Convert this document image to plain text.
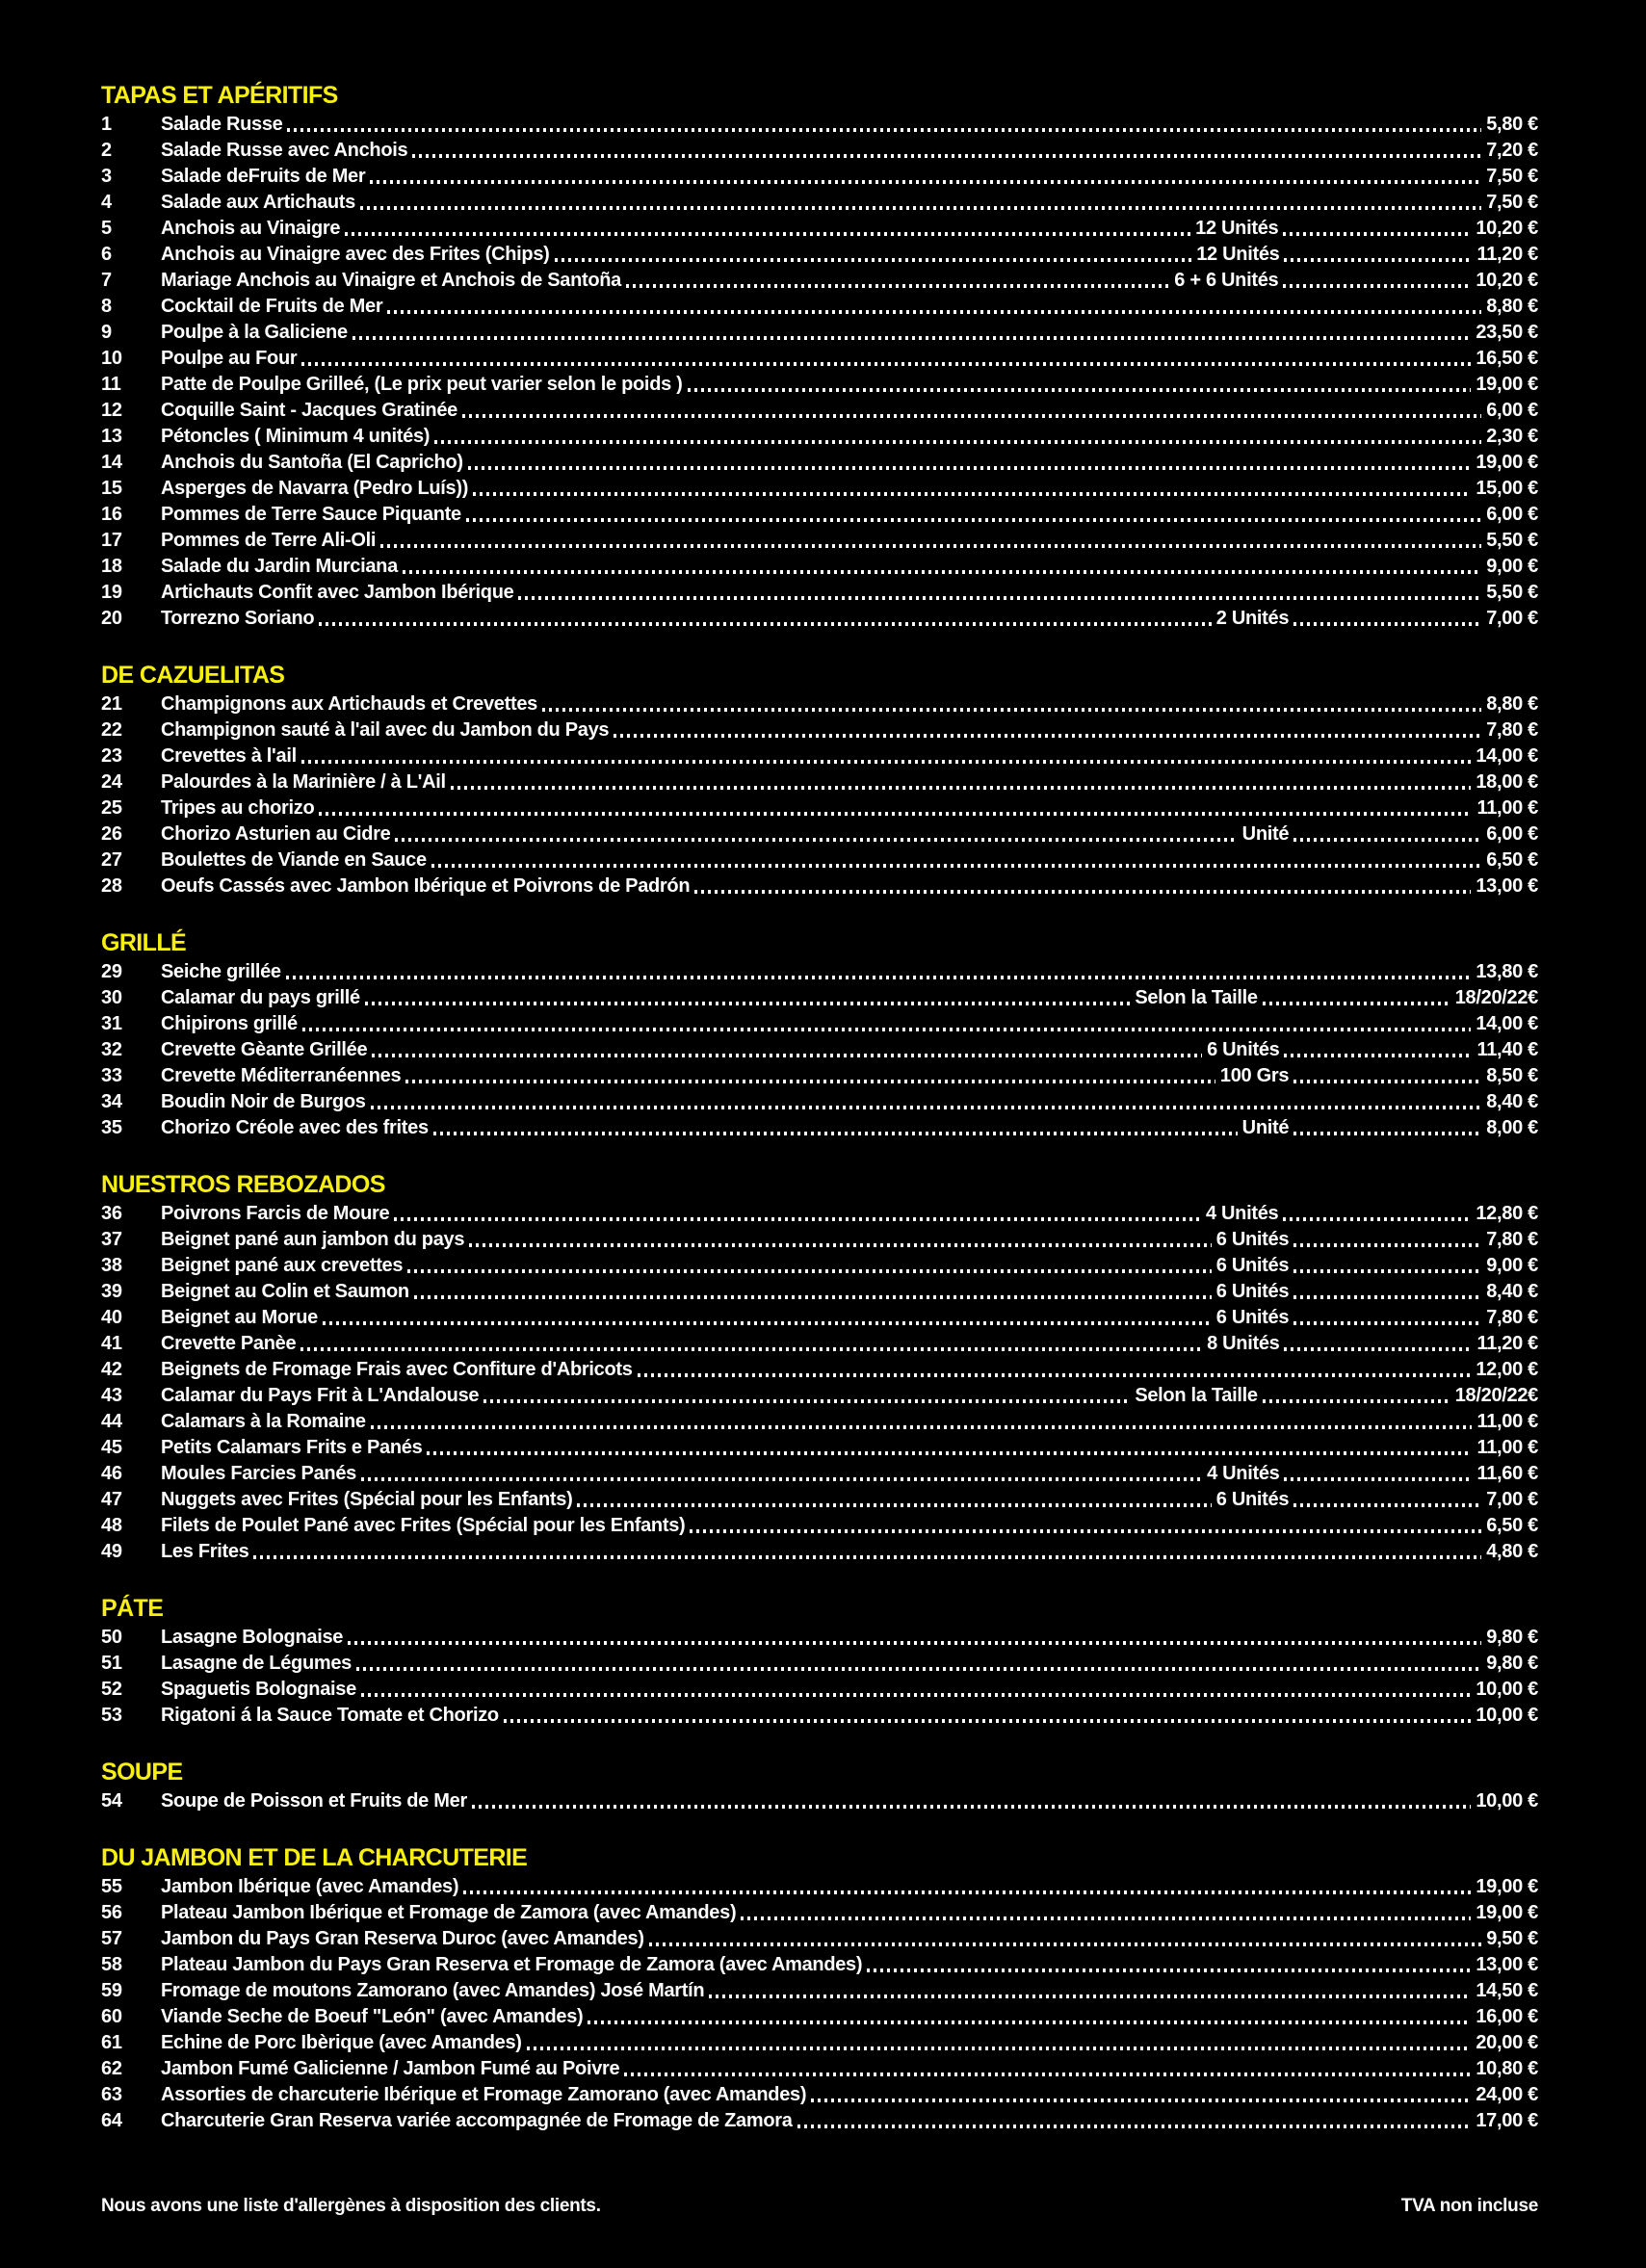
TAPAS ET APÉRITIFS
1	Salade Russe	5,80 €
2	Salade Russe avec Anchois	7,20 €
3	Salade deFruits de Mer	7,50 €
4	Salade aux Artichauts	7,50 €
5	Anchois au Vinaigre	12 Unités	10,20 €
6	Anchois au Vinaigre avec des Frites (Chips)	12 Unités	11,20 €
7	Mariage Anchois au Vinaigre et Anchois de Santoña	6 + 6 Unités	10,20 €
8	Cocktail de Fruits de Mer	8,80 €
9	Poulpe à la Galiciene	23,50 €
10	Poulpe au Four	16,50 €
11	Patte de Poulpe Grilleé, (Le prix peut varier selon le poids )	19,00 €
12	Coquille Saint - Jacques Gratinée	6,00 €
13	Pétoncles ( Minimum 4 unités)	2,30 €
14	Anchois du Santoña (El Capricho)	19,00 €
15	Asperges de Navarra (Pedro Luís))	15,00 €
16	Pommes de Terre Sauce Piquante	6,00 €
17	Pommes de Terre Ali-Oli	5,50 €
18	Salade du Jardin Murciana	9,00 €
19	Artichauts Confit avec Jambon Ibérique	5,50 €
20	Torrezno Soriano	2 Unités	7,00 €
DE CAZUELITAS
21	Champignons aux Artichauds et Crevettes	8,80 €
22	Champignon sauté à l'ail avec du Jambon du Pays	7,80 €
23	Crevettes à l'ail	14,00 €
24	Palourdes à la Marinière / à L'Ail	18,00 €
25	Tripes au chorizo	11,00 €
26	Chorizo Asturien au Cidre	Unité	6,00 €
27	Boulettes de Viande en Sauce	6,50 €
28	Oeufs Cassés avec Jambon Ibérique et Poivrons de Padrón	13,00 €
GRILLÉ
29	Seiche grillée	13,80 €
30	Calamar du pays grillé	Selon la Taille	18/20/22€
31	Chipirons grillé	14,00 €
32	Crevette Gèante Grillée	6 Unités	11,40 €
33	Crevette Méditerranéennes	100 Grs	8,50 €
34	Boudin Noir de Burgos	8,40 €
35	Chorizo Créole avec des frites	Unité	8,00 €
NUESTROS REBOZADOS
36	Poivrons Farcis de Moure	4 Unités	12,80 €
37	Beignet pané aun jambon du pays	6 Unités	7,80 €
38	Beignet pané aux crevettes	6 Unités	9,00 €
39	Beignet au Colin et Saumon	6 Unités	8,40 €
40	Beignet au Morue	6 Unités	7,80 €
41	Crevette Panèe	8 Unités	11,20 €
42	Beignets de Fromage Frais avec Confiture d'Abricots	12,00 €
43	Calamar du Pays Frit à L'Andalouse	Selon la Taille	18/20/22€
44	Calamars à la Romaine	11,00 €
45	Petits Calamars Frits e Panés	11,00 €
46	Moules Farcies Panés	4 Unités	11,60 €
47	Nuggets avec Frites (Spécial pour les Enfants)	6 Unités	7,00 €
48	Filets de Poulet Pané avec Frites (Spécial pour les Enfants)	6,50 €
49	Les Frites	4,80 €
PÁTE
50	Lasagne Bolognaise	9,80 €
51	Lasagne de Légumes	9,80 €
52	Spaguetis Bolognaise	10,00 €
53	Rigatoni á la Sauce Tomate et Chorizo	10,00 €
SOUPE
54	Soupe de Poisson et Fruits de Mer	10,00 €
DU JAMBON ET DE LA CHARCUTERIE
55	Jambon Ibérique (avec Amandes)	19,00 €
56	Plateau Jambon Ibérique et Fromage de Zamora (avec Amandes)	19,00 €
57	Jambon du Pays Gran Reserva Duroc (avec Amandes)	9,50 €
58	Plateau Jambon du Pays Gran Reserva et Fromage de Zamora (avec Amandes)	13,00 €
59	Fromage de moutons Zamorano (avec Amandes) José Martín	14,50 €
60	Viande Seche de Boeuf "León" (avec Amandes)	16,00 €
61	Echine de Porc Ibèrique (avec Amandes)	20,00 €
62	Jambon Fumé Galicienne / Jambon Fumé au Poivre	10,80 €
63	Assorties de charcuterie Ibérique et Fromage Zamorano (avec Amandes)	24,00 €
64	Charcuterie Gran Reserva variée accompagnée de Fromage de Zamora	17,00 €
Nous avons une liste d'allergènes à disposition des clients.	TVA non incluse
